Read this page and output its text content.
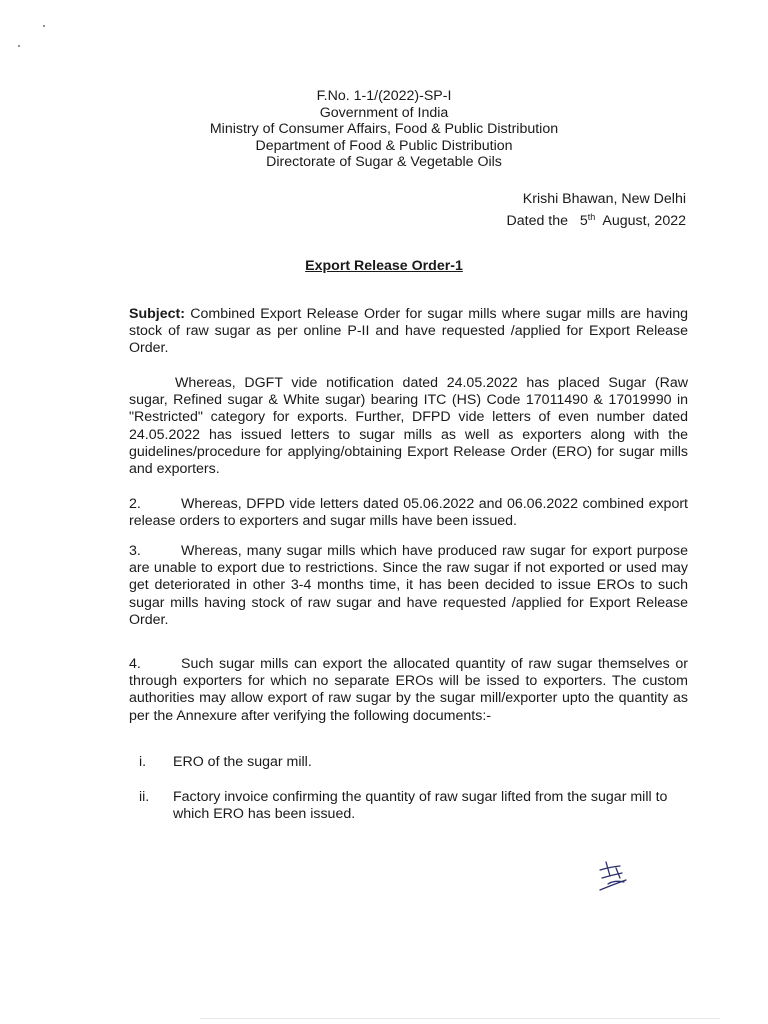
F.No. 1-1/(2022)-SP-I
Government of India
Ministry of Consumer Affairs, Food & Public Distribution
Department of Food & Public Distribution
Directorate of Sugar & Vegetable Oils
Krishi Bhawan, New Delhi
Dated the 5th August, 2022
Export Release Order-1
Subject: Combined Export Release Order for sugar mills where sugar mills are having stock of raw sugar as per online P-II and have requested /applied for Export Release Order.
Whereas, DGFT vide notification dated 24.05.2022 has placed Sugar (Raw sugar, Refined sugar & White sugar) bearing ITC (HS) Code 17011490 & 17019990 in "Restricted" category for exports. Further, DFPD vide letters of even number dated 24.05.2022 has issued letters to sugar mills as well as exporters along with the guidelines/procedure for applying/obtaining Export Release Order (ERO) for sugar mills and exporters.
2.	Whereas, DFPD vide letters dated 05.06.2022 and 06.06.2022 combined export release orders to exporters and sugar mills have been issued.
3.	Whereas, many sugar mills which have produced raw sugar for export purpose are unable to export due to restrictions. Since the raw sugar if not exported or used may get deteriorated in other 3-4 months time, it has been decided to issue EROs to such sugar mills having stock of raw sugar and have requested /applied for Export Release Order.
4.	Such sugar mills can export the allocated quantity of raw sugar themselves or through exporters for which no separate EROs will be issed to exporters. The custom authorities may allow export of raw sugar by the sugar mill/exporter upto the quantity as per the Annexure after verifying the following documents:-
i.	ERO of the sugar mill.
ii.	Factory invoice confirming the quantity of raw sugar lifted from the sugar mill to which ERO has been issued.
